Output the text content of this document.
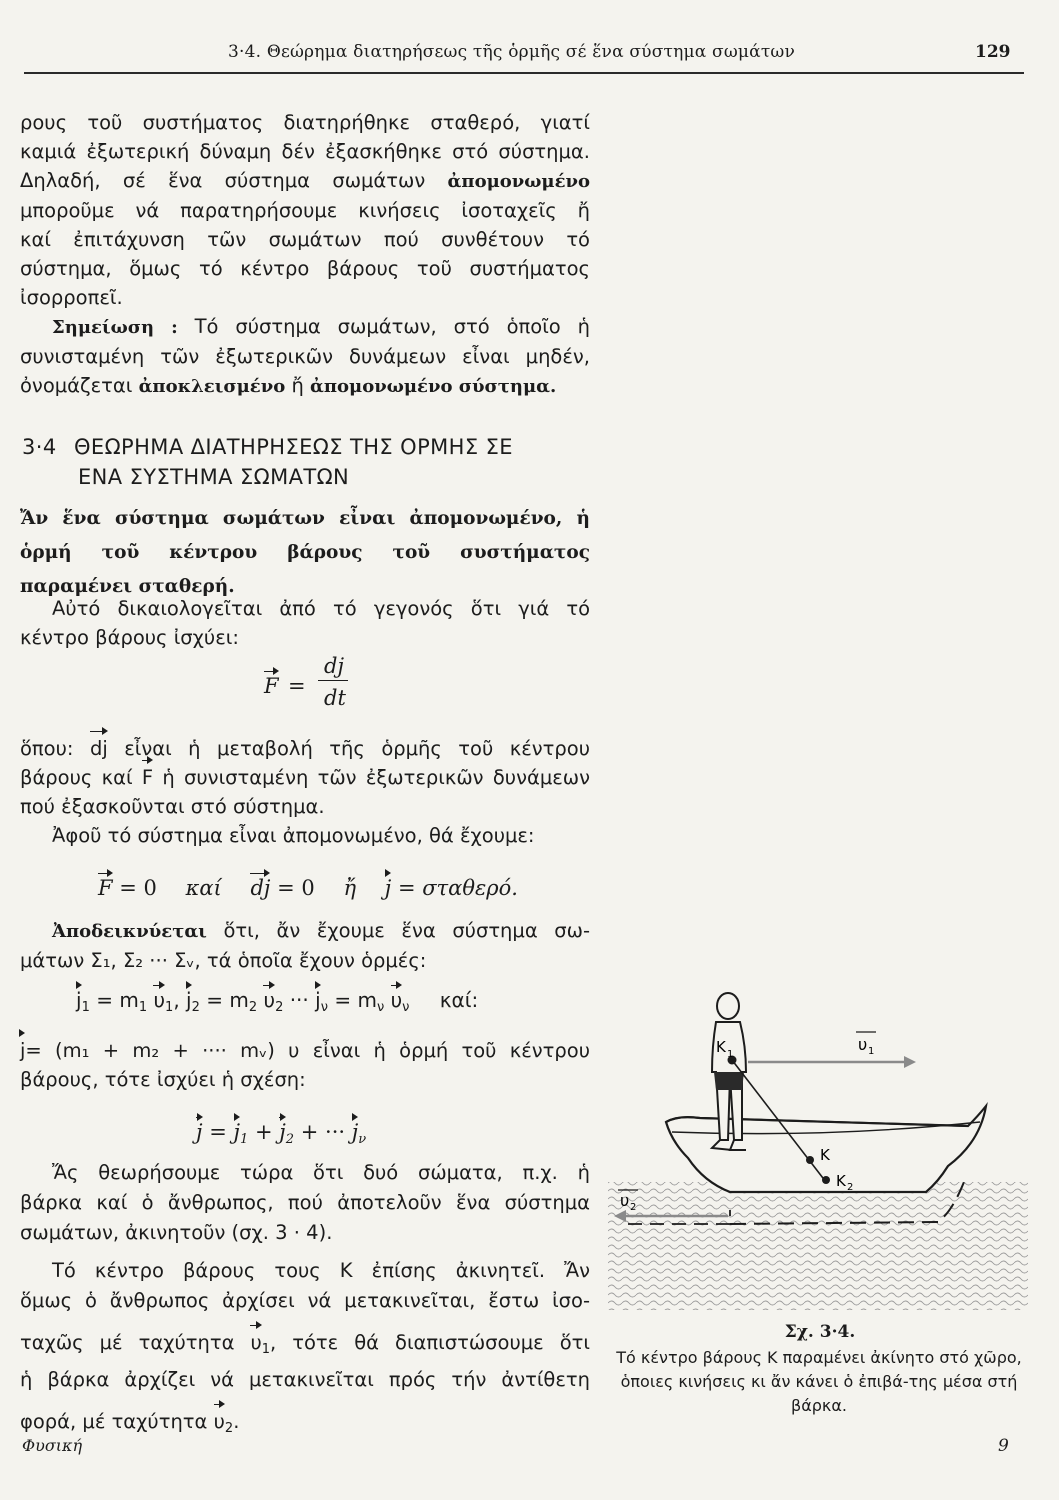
3·4. Θεώρημα διατηρήσεως τῆς ὁρμῆς σέ ἕνα σύστημα σωμάτων	129

ρους τοῦ συστήματος διατηρήθηκε σταθερό, γιατί

καμιά ἐξωτερική δύναμη δέν ἐξασκήθηκε στό σύστημα.

Δηλαδή, σέ ἕνα σύστημα σωμάτων ἀπομονωμένο

μποροῦμε νά παρατηρήσουμε κινήσεις ἰσοταχεῖς ἤ

καί ἐπιτάχυνση τῶν σωμάτων πού συνθέτουν τό

σύστημα, ὅμως τό κέντρο βάρους τοῦ συστήματος

ἰσορροπεῖ.

Σημείωση : Τό σύστημα σωμάτων, στό ὁποῖο ἡ

συνισταμένη τῶν ἐξωτερικῶν δυνάμεων εἶναι μηδέν,

ὀνομάζεται ἀποκλεισμένο ἤ ἀπομονωμένο σύστημα.

3·4 ΘΕΩΡΗΜΑ ΔΙΑΤΗΡΗΣΕΩΣ ΤΗΣ ΟΡΜΗΣ ΣΕ
ΕΝΑ ΣΥΣΤΗΜΑ ΣΩΜΑΤΩΝ
Ἄν ἕνα σύστημα σωμάτων εἶναι ἀπομονωμένο, ἡ ὁρμή τοῦ κέντρου βάρους τοῦ συστήματος παραμένει σταθερή.

Αὐτό δικαιολογεῖται ἀπό τό γεγονός ὅτι γιά τό

κέντρο βάρους ἰσχύει:

F =
dj
dt

ὅπου: dj εἶναι ἡ μεταβολή τῆς ὁρμῆς τοῦ κέντρου

βάρους καί F ἡ συνισταμένη τῶν ἐξωτερικῶν δυνάμεων

πού ἐξασκοῦνται στό σύστημα.

Ἀφοῦ τό σύστημα εἶναι ἀπομονωμένο, θά ἔχουμε:

F = 0 καί dj = 0 ἤ j = σταθερό.

Ἀποδεικνύεται ὅτι, ἄν ἔχουμε ἕνα σύστημα σω-

μάτων Σ₁, Σ₂ ··· Σᵥ, τά ὁποῖα ἔχουν ὁρμές:

$j_1 = m_1$ $\upsilon_1$, $j_2 = m_2$ $\upsilon_2$ ··· $j_\nu = m_\nu$ $\upsilon_\nu$ καί:

j= (m₁ + m₂ + ···· mᵥ) υ εἶναι ἡ ὁρμή τοῦ κέντρου

βάρους, τότε ἰσχύει ἡ σχέση:

$j = j_1 + j_2$ + ··· $j_\nu$

Ἄς θεωρήσουμε τώρα ὅτι δυό σώματα, π.χ. ἡ

βάρκα καί ὁ ἄνθρωπος, πού ἀποτελοῦν ἕνα σύστημα

σωμάτων, ἀκινητοῦν (σχ. 3 · 4).

Τό κέντρο βάρους τους K ἐπίσης ἀκινητεῖ. Ἄν

ὅμως ὁ ἄνθρωπος ἀρχίσει νά μετακινεῖται, ἔστω ἰσο-

ταχῶς μέ ταχύτητα $\upsilon_1$, τότε θά διαπιστώσουμε ὅτι

ἡ βάρκα ἀρχίζει νά μετακινεῖται πρός τήν ἀντίθετη

φορά, μέ ταχύτητα $\upsilon_2$.

K 1
K
K 2
υ 1
υ 2
Σχ. 3·4.
Τό κέντρο βάρους K παραμένει ἀκίνητο στό χῶρο, ὁποιες κινήσεις κι ἄν κάνει ὁ ἐπιβά-της μέσα στή βάρκα.
Φυσική	9
